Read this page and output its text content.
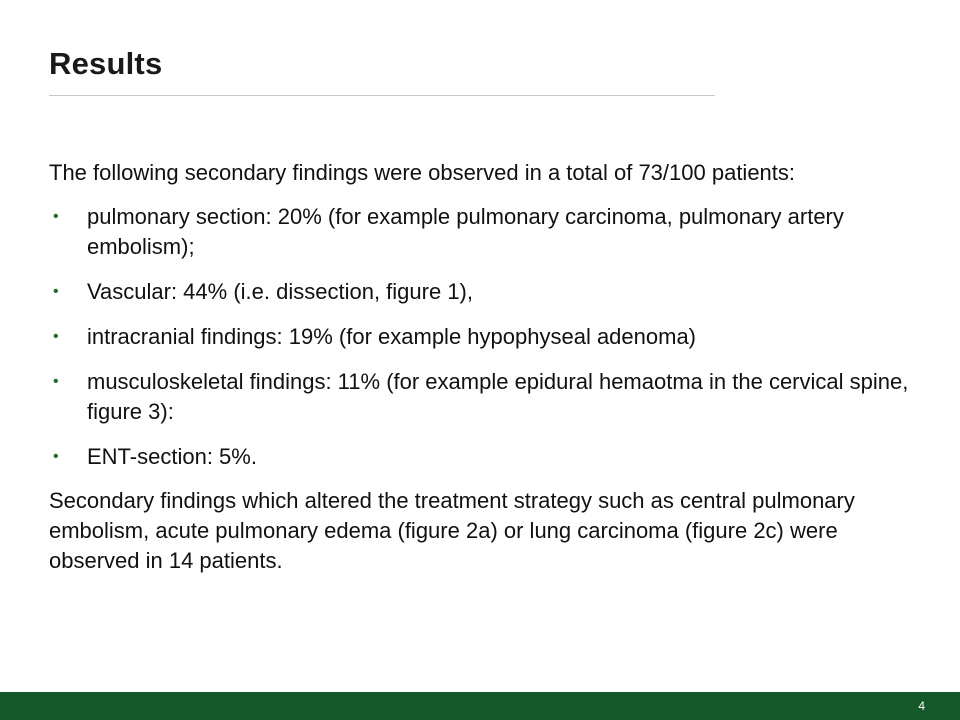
Results

The following secondary findings were observed in a total of 73/100 patients:

• pulmonary section: 20% (for example pulmonary carcinoma, pulmonary artery embolism);
• Vascular: 44% (i.e. dissection, figure 1),
• intracranial findings: 19% (for example hypophyseal adenoma)
• musculoskeletal findings: 11% (for example epidural hemaotma in the cervical spine, figure 3):
• ENT-section: 5%.

Secondary findings which altered the treatment strategy such as central pulmonary embolism, acute pulmonary edema (figure 2a) or lung carcinoma (figure 2c) were observed in 14 patients.

4
